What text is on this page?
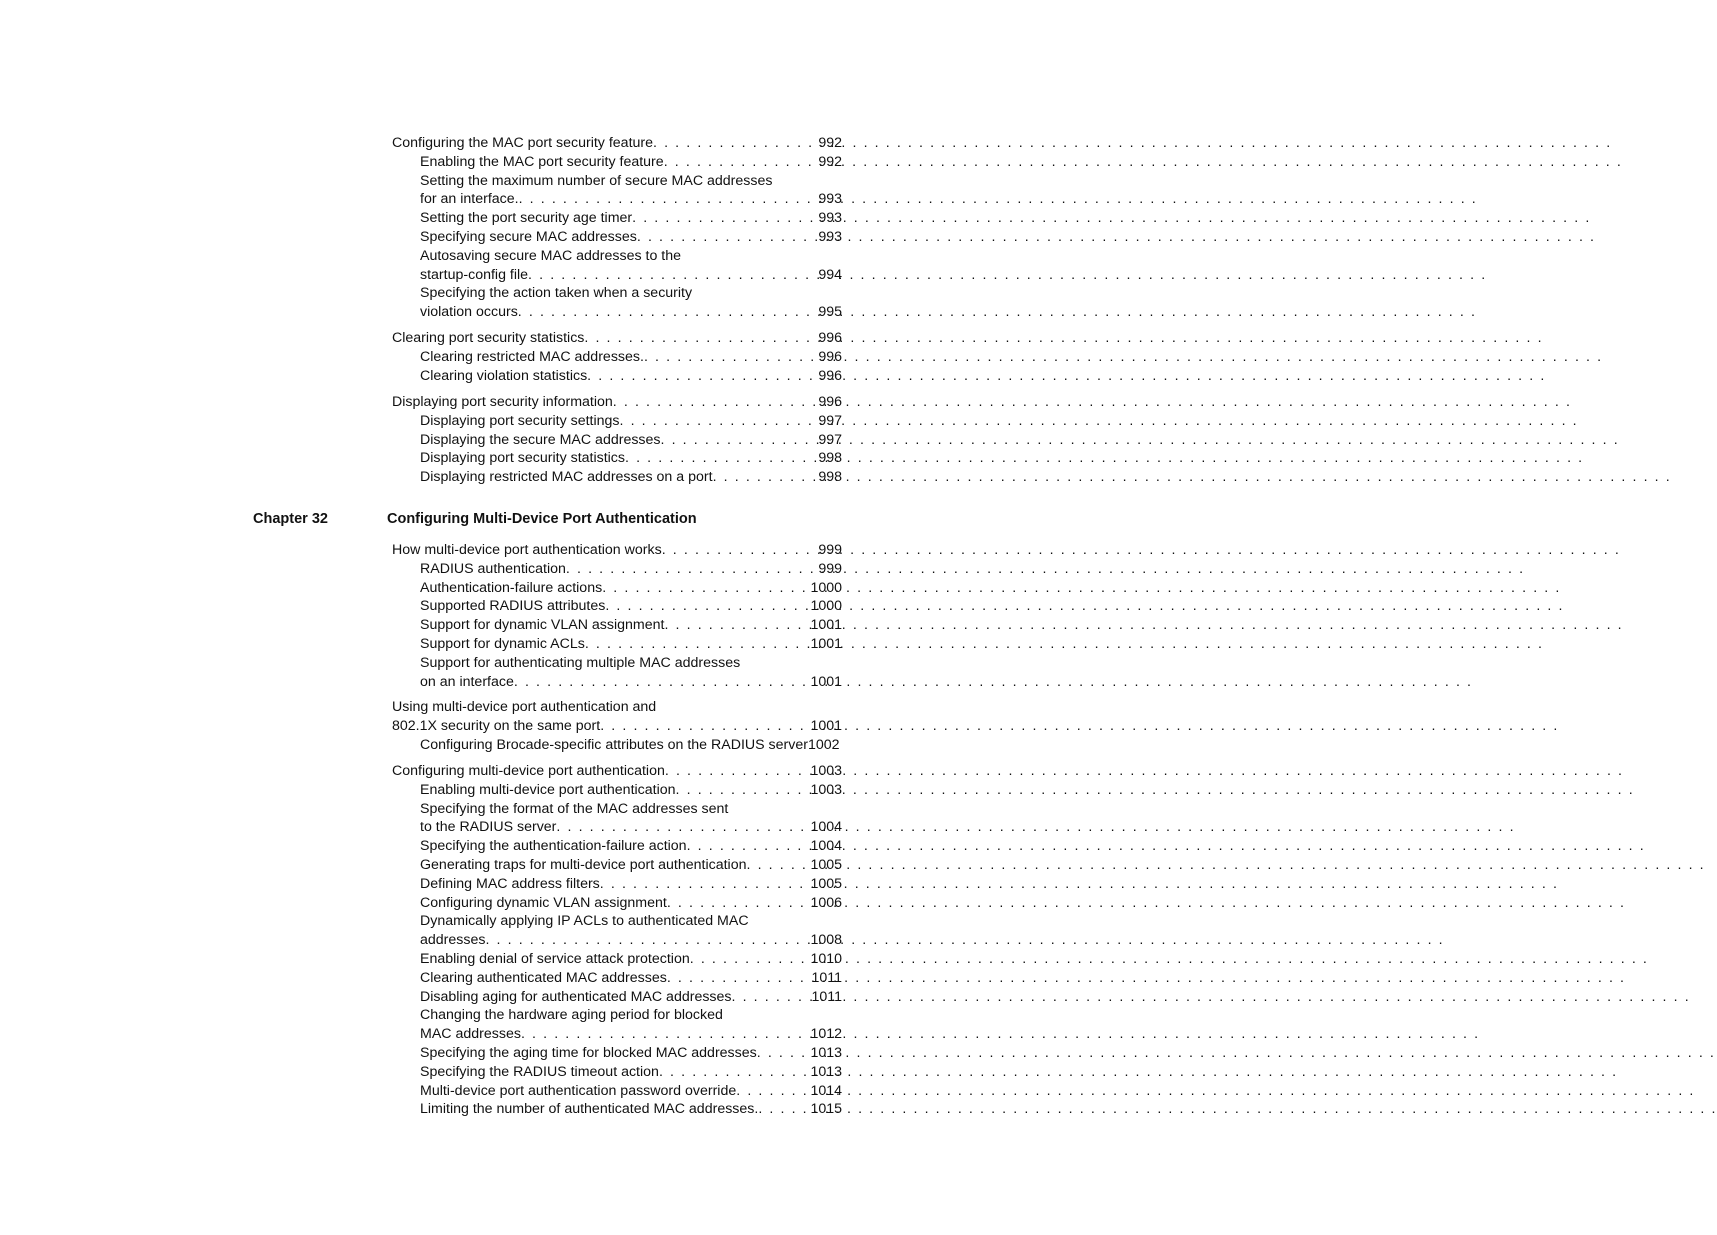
Configuring the MAC port security feature . . .	992
Enabling the MAC port security feature . . .	992
Setting the maximum number of secure MAC addresses
for an interface. . . .	993
Setting the port security age timer . . .	993
Specifying secure MAC addresses . . .	993
Autosaving secure MAC addresses to the
startup-config file . . .	994
Specifying the action taken when a security
violation occurs . . .	995
Clearing port security statistics . . .	996
Clearing restricted MAC addresses. . . .	996
Clearing violation statistics . . .	996
Displaying port security information . . .	996
Displaying port security settings . . .	997
Displaying the secure MAC addresses . . .	997
Displaying port security statistics . . .	998
Displaying restricted MAC addresses on a port . . .	998
Chapter 32	Configuring Multi-Device Port Authentication
How multi-device port authentication works . . .	999
RADIUS authentication . . .	999
Authentication-failure actions . . .	1000
Supported RADIUS attributes . . .	1000
Support for dynamic VLAN assignment . . .	1001
Support for dynamic ACLs . . .	1001
Support for authenticating multiple MAC addresses
on an interface . . .	1001
Using multi-device port authentication and
802.1X security on the same port . . .	1001
Configuring Brocade-specific attributes on the RADIUS server 1002
Configuring multi-device port authentication . . .	1003
Enabling multi-device port authentication . . .	1003
Specifying the format of the MAC addresses sent
to the RADIUS server . . .	1004
Specifying the authentication-failure action . . .	1004
Generating traps for multi-device port authentication . . .	1005
Defining MAC address filters . . .	1005
Configuring dynamic VLAN assignment . . .	1006
Dynamically applying IP ACLs to authenticated MAC
addresses . . .	1008
Enabling denial of service attack protection . . .	1010
Clearing authenticated MAC addresses . . .	1011
Disabling aging for authenticated MAC addresses . . .	1011
Changing the hardware aging period for blocked
MAC addresses . . .	1012
Specifying the aging time for blocked MAC addresses . . .	1013
Specifying the RADIUS timeout action . . .	1013
Multi-device port authentication password override . . .	1014
Limiting the number of authenticated MAC addresses. . . .	1015
